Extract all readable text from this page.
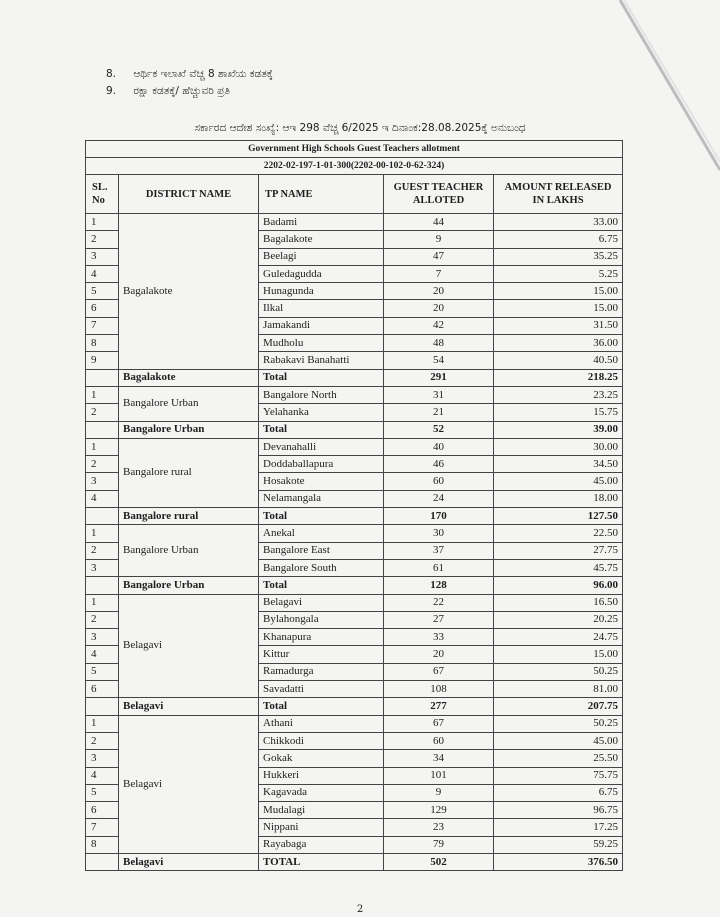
8. ಆರ್ಥಿಕ ಇಲಾಖೆ ವೆಚ್ಚ 8 ಶಾಖೆಯ ಕಡತಕ್ಕೆ
9. ರಕ್ಷಾ ಕಡತಕ್ಕೆ/ ಹೆಚ್ಚುವರಿ ಪ್ರತಿ
ಸರ್ಕಾರದ ಆದೇಶ ಸಂಖ್ಯೆ: ಆಇ 298 ವೆಚ್ಚ 6/2025 ಇ ದಿನಾಂಕ:28.08.2025ಕ್ಕೆ ಅನುಬಂಧ
Government High Schools Guest Teachers allotment				
2202-02-197-1-01-300(2202-00-102-0-62-324)				
SL. No	DISTRICT NAME	TP NAME	GUEST TEACHER ALLOTED	AMOUNT RELEASED IN LAKHS
1	Bagalakote	Badami	44	33.00
2		Bagalakote	9	6.75
3		Beelagi	47	35.25
4		Guledagudda	7	5.25
5		Hunagunda	20	15.00
6		Ilkal	20	15.00
7		Jamakandi	42	31.50
8		Mudholu	48	36.00
9		Rabakavi Banahatti	54	40.50
	Bagalakote	Total	291	218.25
1	Bangalore Urban	Bangalore North	31	23.25
2		Yelahanka	21	15.75
	Bangalore Urban	Total	52	39.00
1	Bangalore rural	Devanahalli	40	30.00
2		Doddaballapura	46	34.50
3		Hosakote	60	45.00
4		Nelamangala	24	18.00
	Bangalore rural	Total	170	127.50
1	Bangalore Urban	Anekal	30	22.50
2		Bangalore East	37	27.75
3		Bangalore South	61	45.75
	Bangalore Urban	Total	128	96.00
1	Belagavi	Belagavi	22	16.50
2		Bylahongala	27	20.25
3		Khanapura	33	24.75
4		Kittur	20	15.00
5		Ramadurga	67	50.25
6		Savadatti	108	81.00
	Belagavi	Total	277	207.75
1	Belagavi	Athani	67	50.25
2		Chikkodi	60	45.00
3		Gokak	34	25.50
4		Hukkeri	101	75.75
5		Kagavada	9	6.75
6		Mudalagi	129	96.75
7		Nippani	23	17.25
8		Rayabaga	79	59.25
	Belagavi	TOTAL	502	376.50
2
